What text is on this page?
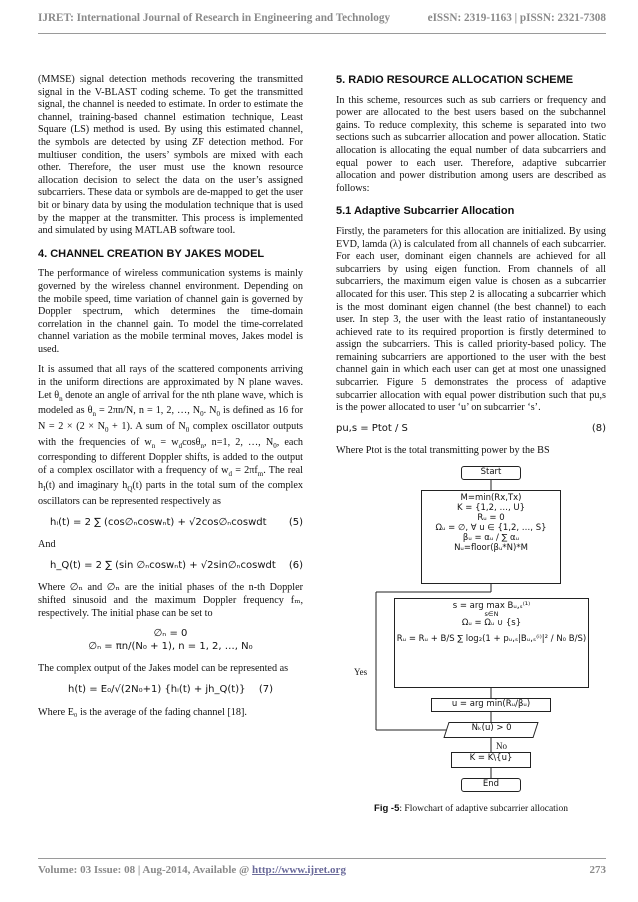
IJRET: International Journal of Research in Engineering and Technology	eISSN: 2319-1163 | pISSN: 2321-7308

(MMSE) signal detection methods recovering the transmitted signal in the V-BLAST coding scheme. To get the transmitted signal, the channel is needed to estimate. In order to estimate the channel, training-based channel estimation technique, Least Square (LS) method is used. By using this estimated channel, the symbols are detected by using ZF detection method. For multiuser condition, the users’ symbols are mixed with each other. Therefore, the user must use the known resource allocation decision to select the data on the user’s assigned subcarriers. These data or symbols are de-mapped to get the user bit or binary data by using the modulation technique that is used by the mapper at the transmitter. This process is implemented and simulated by using MATLAB software tool.

4. CHANNEL CREATION BY JAKES MODEL

The performance of wireless communication systems is mainly governed by the wireless channel environment. Depending on the mobile speed, time variation of channel gain is governed by Doppler spectrum, which determines the time-domain correlation in the channel gain. To model the time-correlated channel variation as the mobile terminal moves, Jakes model is used.

It is assumed that all rays of the scattered components arriving in the uniform directions are approximated by N plane waves. Let $\theta_n$ denote an angle of arrival for the nth plane wave, which is modeled as $\theta_n = 2\pi n/N$, n = 1, 2, …, $N_0$. $N_0$ is defined as 16 for $N = 2 \times (2 \times N_0 + 1)$. A sum of $N_0$ complex oscillator outputs with the frequencies of $w_n = w_d\cos\theta_n$, n=1, 2, …, $N_0$, each corresponding to different Doppler shifts, is added to the output of a complex oscillator with a frequency of $w_d = 2\pi f_m$. The real $h_I(t)$ and imaginary $h_Q(t)$ parts in the total sum of the complex oscillators can be represented respectively as

hᵢ(t) = 2 ∑ (cos∅ₙcoswₙt) + √2cos∅ₙcoswdt (5)

And

h_Q(t) = 2 ∑ (sin ∅ₙcoswₙt) + √2sin∅ₙcoswdt (6)

Where ∅ₙ and ∅ₙ are the initial phases of the n-th Doppler shifted sinusoid and the maximum Doppler frequency fₘ, respectively. The initial phase can be set to

∅ₙ = 0
∅ₙ = πn/(N₀ + 1), n = 1, 2, …, N₀

The complex output of the Jakes model can be represented as

h(t) = E₀/√(2N₀+1) {hᵢ(t) + jh_Q(t)} (7)

Where E₀ is the average of the fading channel [18].

5. RADIO RESOURCE ALLOCATION SCHEME

In this scheme, resources such as sub carriers or frequency and power are allocated to the best users based on the subchannel gains. To reduce complexity, this scheme is separated into two sections such as subcarrier allocation and power allocation. Static allocation is allocating the equal number of data subcarriers and equal power to each user. Therefore, adaptive subcarrier allocation and power distribution among users are described as follows:

5.1 Adaptive Subcarrier Allocation

Firstly, the parameters for this allocation are initialized. By using EVD, lamda (λ) is calculated from all channels of each subcarrier. For each user, dominant eigen channels are achieved for all subcarriers by using eigen function. From channels of all subcarriers, the maximum eigen value is chosen as a subcarrier allocated for this user. This step 2 is allocating a subcarrier which is the most dominant eigen channel (the best channel) to each user. In step 3, the user with the least ratio of instantaneously achieved rate to its required proportion is firstly determined to assign the subcarriers. This is called priority-based policy. The remaining subcarriers are apportioned to the user with the best channel gain in which each user can get at most one unassigned subcarrier. Figure 5 demonstrates the process of adaptive subcarrier allocation with equal power distribution such that pu,s is the power allocated to user ‘u’ on subcarrier ‘s’.

pu,s = Ptot / S	(8)

Where Ptot is the total transmitting power by the BS

Start
M=min(Rx,Tx)
K = {1,2, …, U}
Rᵤ = 0
Ωᵤ = ∅, ∀ u ∈ {1,2, …, S}
βᵤ = αᵤ / ∑ αᵤ
Nᵤ=floor(βᵤ*N)*M
s = arg max Bᵤ,ₛ⁽¹⁾
s∈N
Ωᵤ = Ωᵤ ∪ {s}
Rᵤ = Rᵤ + B/S ∑ log₂(1 + pᵤ,ₛ|Bᵤ,ₛ⁽ⁱ⁾|² / N₀ B/S)
u = arg min(Rᵤ/βᵤ)
Nₖ(u) > 0
Yes
No
K = K\{u}
End
Fig -5: Flowchart of adaptive subcarrier allocation
Volume: 03 Issue: 08 | Aug-2014, Available @ http://www.ijret.org	273
